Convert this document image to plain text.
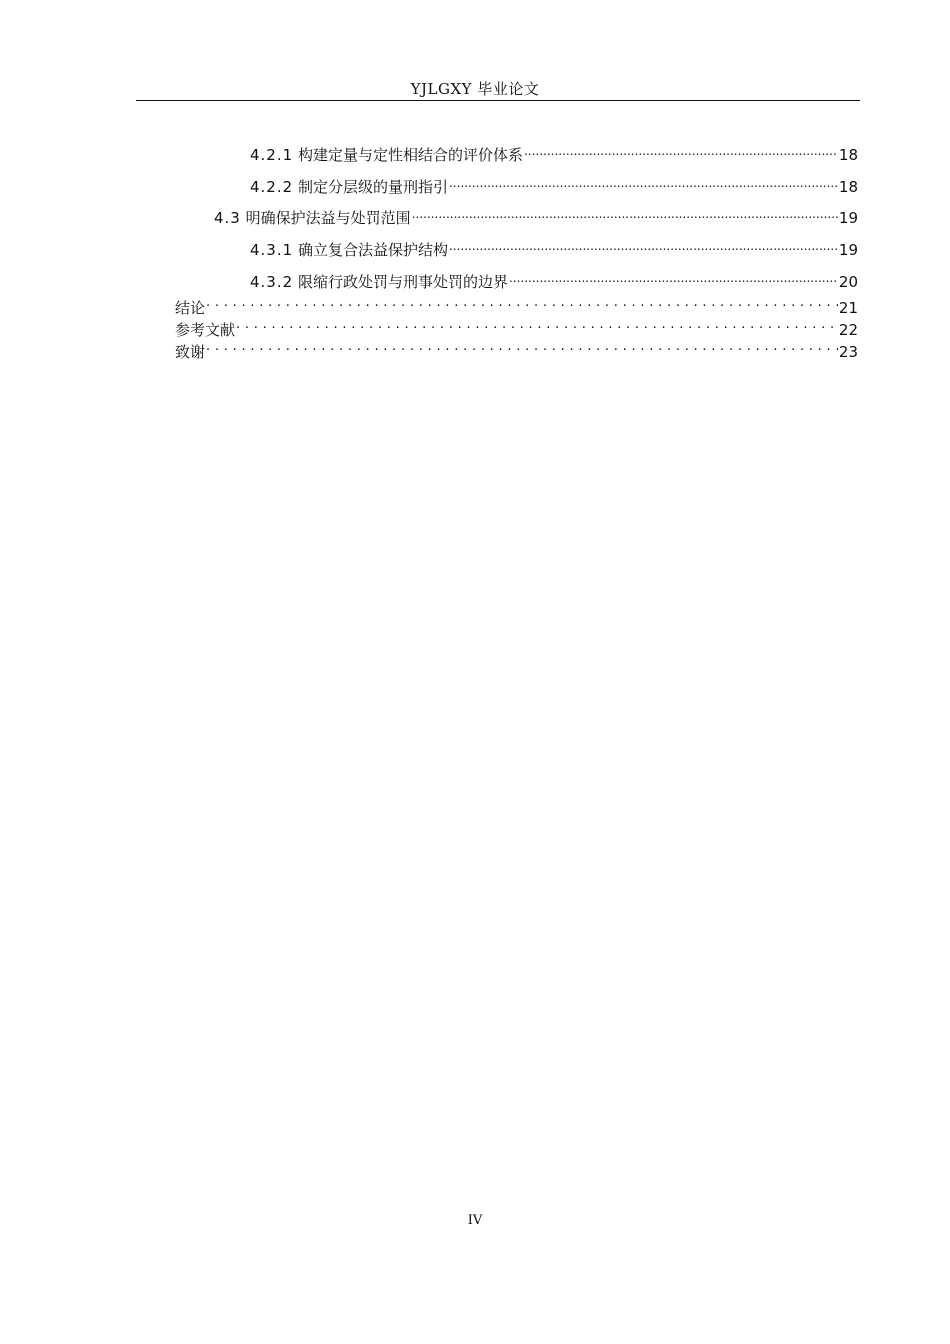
YJLGXY 毕业论文
4.2.1 构建定量与定性相结合的评价体系 .....	18
4.2.2 制定分层级的量刑指引 .....	18
4.3 明确保护法益与处罚范围 .....	19
4.3.1 确立复合法益保护结构 .....	19
4.3.2 限缩行政处罚与刑事处罚的边界 .....	20
结论 . . .	21
参考文献 . . .	22
致谢 . . .	23
IV
